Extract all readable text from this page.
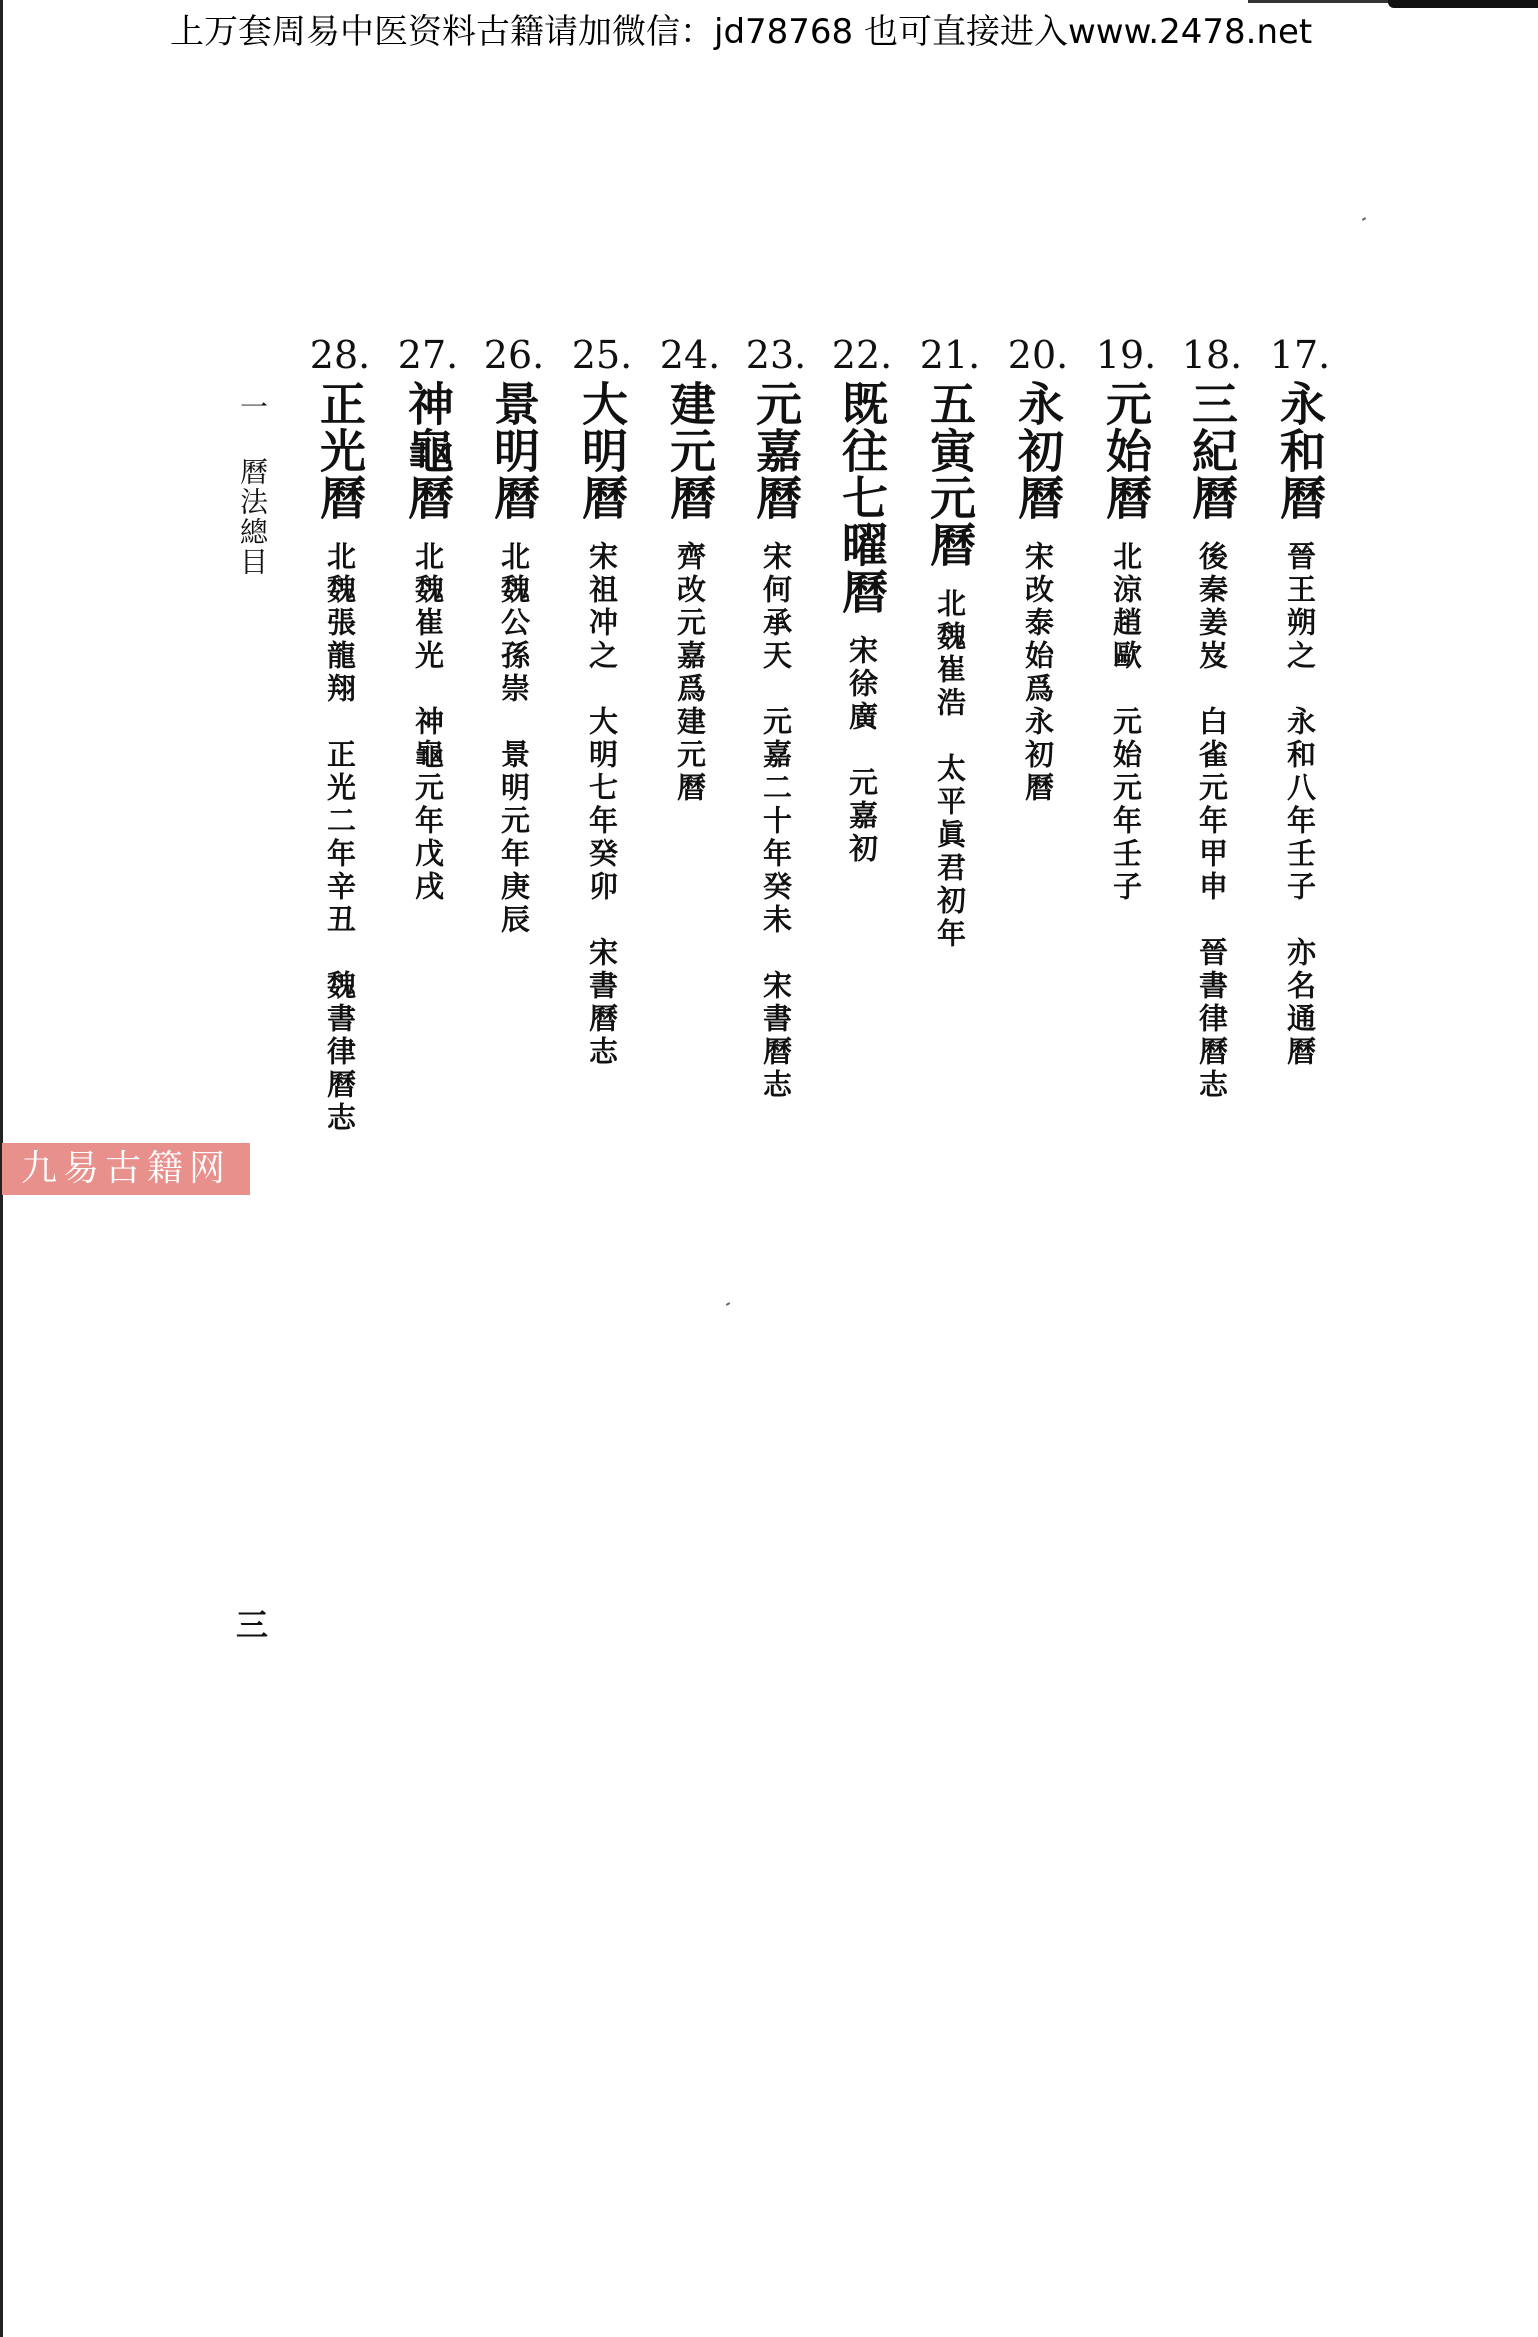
上万套周易中医资料古籍请加微信：jd78768 也可直接进入www.2478.net
17.
永和曆
晉王朔之　永和八年壬子　亦名通曆
18.
三紀曆
後秦姜岌　白雀元年甲申　晉書律曆志
19.
元始曆
北涼趙歐　元始元年壬子
20.
永初曆
宋改泰始爲永初曆
21.
五寅元曆
北魏崔浩　太平眞君初年
22.
既往七曜曆
宋徐廣　元嘉初
23.
元嘉曆
宋何承天　元嘉二十年癸未　宋書曆志
24.
建元曆
齊改元嘉爲建元曆
25.
大明曆
宋祖冲之　大明七年癸卯　宋書曆志
26.
景明曆
北魏公孫崇　景明元年庚辰
27.
神龜曆
北魏崔光　神龜元年戊戌
28.
正光曆
北魏張龍翔　正光二年辛丑　魏書律曆志
一 曆法總目
九易古籍网
三
